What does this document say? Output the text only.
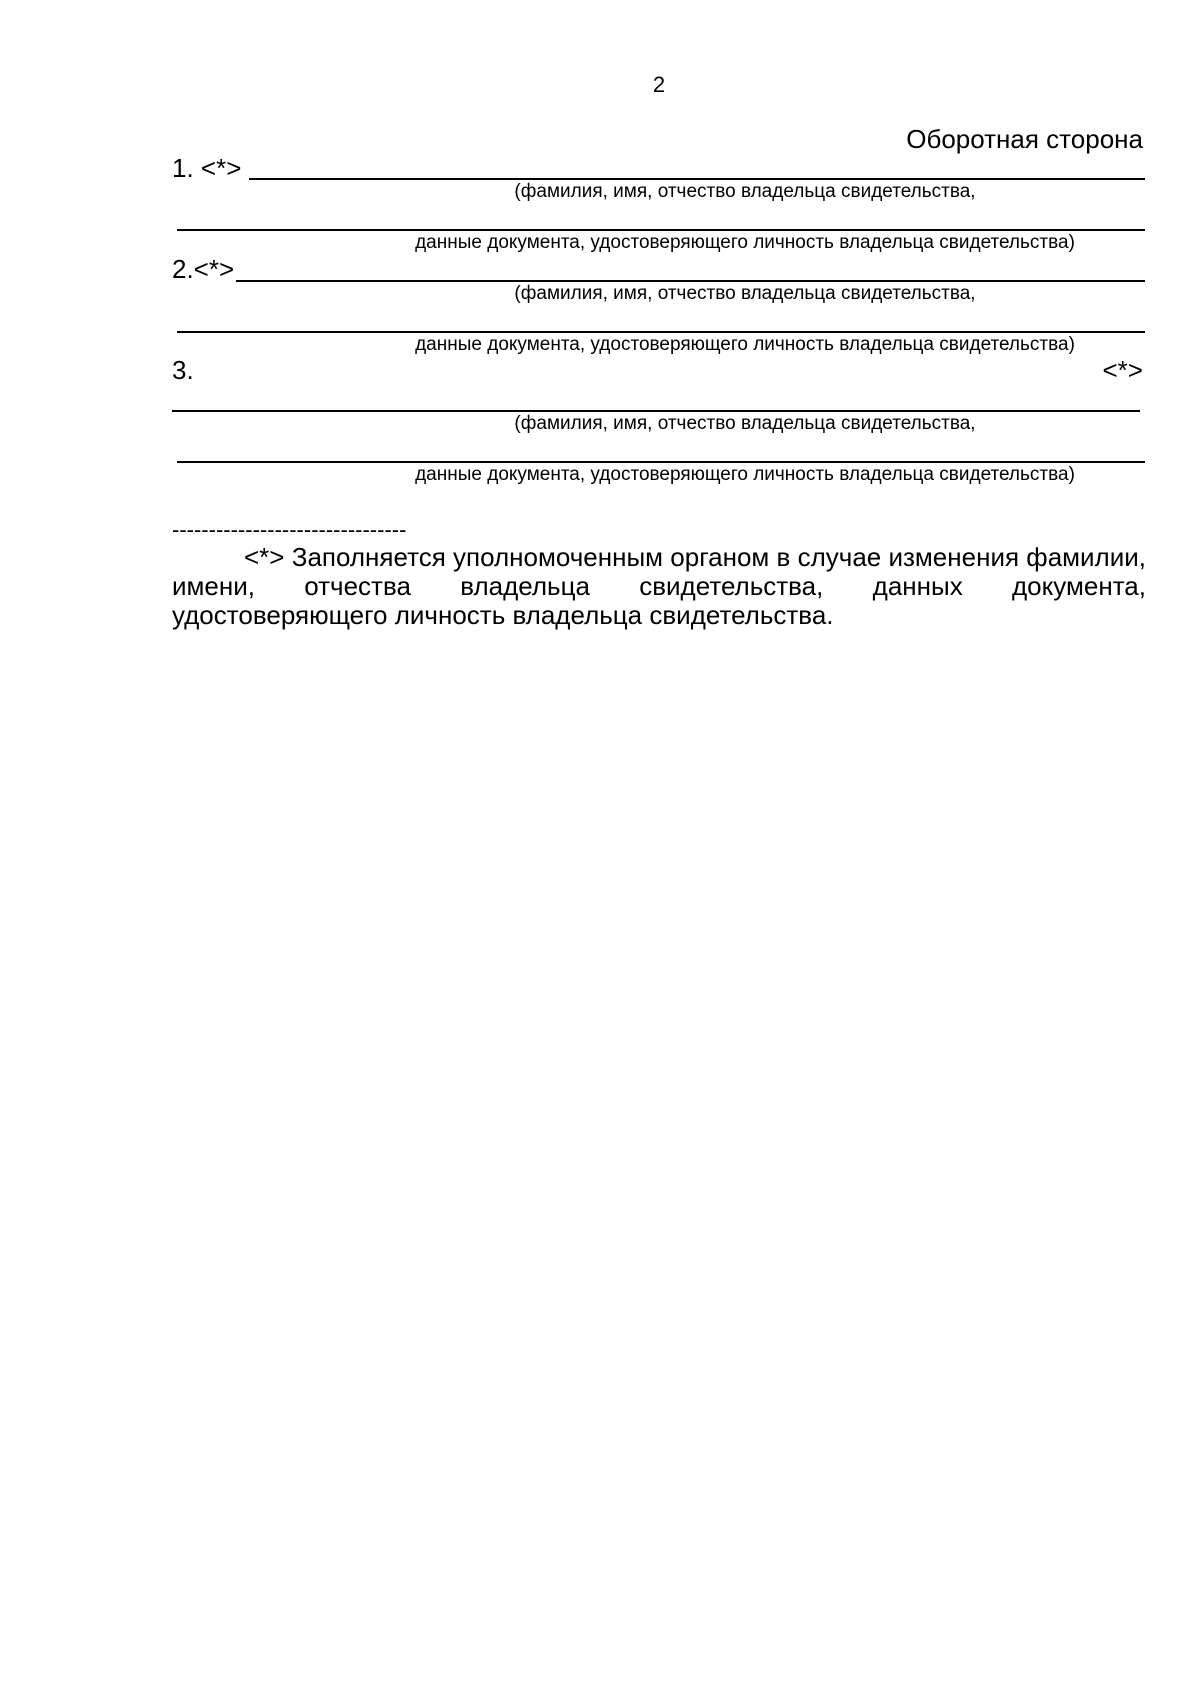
2
Оборотная сторона
1. <*>
(фамилия, имя, отчество владельца свидетельства,
данные документа, удостоверяющего личность владельца свидетельства)
2.<*>
(фамилия, имя, отчество владельца свидетельства,
данные документа, удостоверяющего личность владельца свидетельства)
3.	<*>
(фамилия, имя, отчество владельца свидетельства,
данные документа, удостоверяющего личность владельца свидетельства)
--------------------------------
<*> Заполняется уполномоченным органом в случае изменения фамилии, имени, отчества владельца свидетельства, данных документа, удостоверяющего личность владельца свидетельства.
